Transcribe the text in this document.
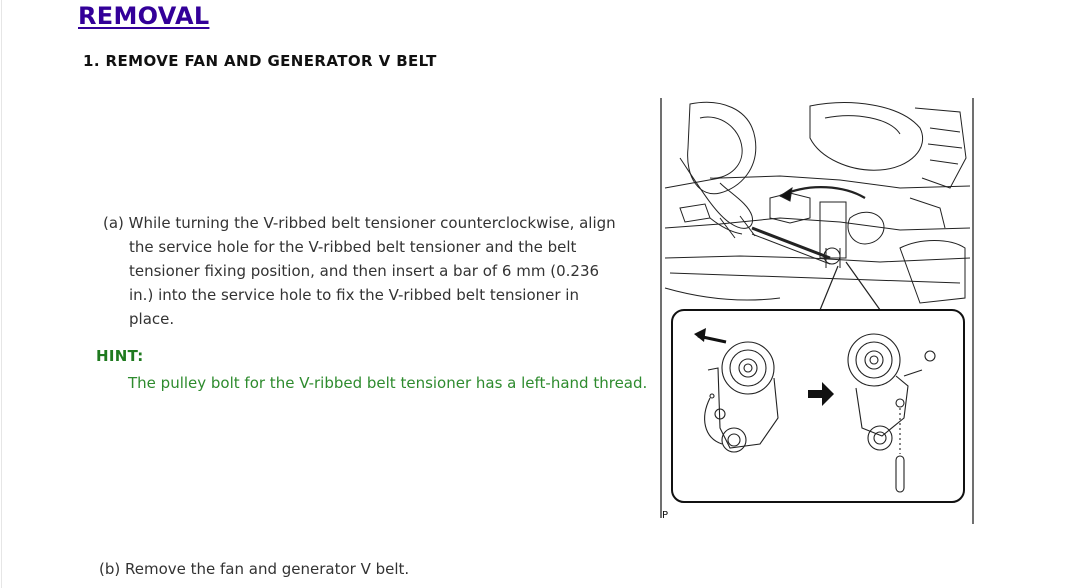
REMOVAL
1. REMOVE FAN AND GENERATOR V BELT

(a) While turning the V-ribbed belt tensioner counterclockwise, align

the service hole for the V-ribbed belt tensioner and the belt
tensioner fixing position, and then insert a bar of 6 mm (0.236
in.) into the service hole to fix the V-ribbed belt tensioner in
place.

HINT:

The pulley bolt for the V-ribbed belt tensioner has a left-hand thread.

P

(b) Remove the fan and generator V belt.
